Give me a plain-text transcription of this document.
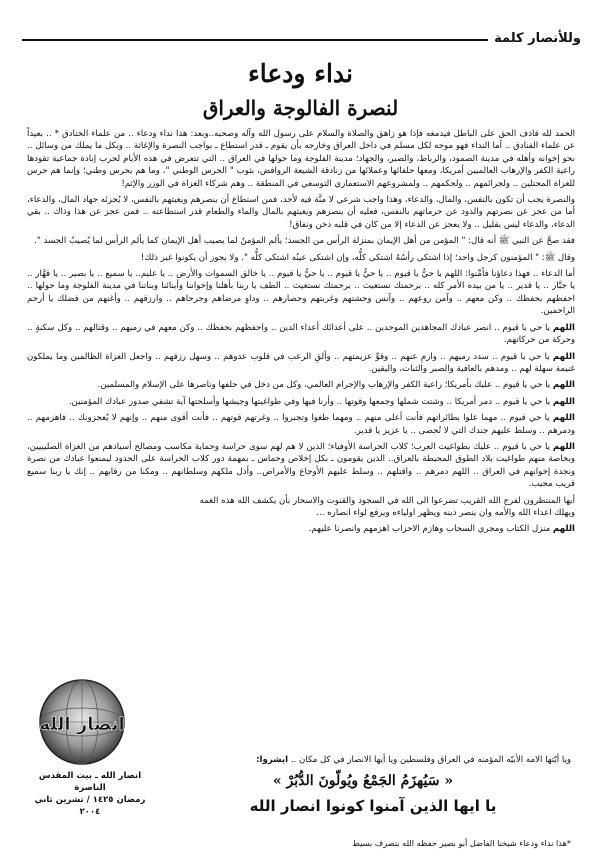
وللأنصار كلمة
نداء ودعاء
لنصرة الفالوجة والعراق

الحمد لله قاذف الحق على الباطل فيدمغه فإذا هو زاهق والصلاة والسلام على رسول الله وآله وصحبه..وبعد: هذا نداء ودعاء .. من علماء الخنادق * .. بعيداً عن علماء الفنادق .. أما النداء فهو موجه لكل مسلم في داخل العراق وخارجه بأن يقوم ـ قدر استطاع ـ بواجب النصرة والإغاثة .. وبكل ما يملك من وسائل .. نحو إخوانه وأهله في مدينة الصمود، والرباط، والصبر، والجهاد؛ مدينة الفلوجة وما حولها في العراق .. التي تتعرض في هذه الأيام لحرب إبادة جماعية تقودها راعية الكفر والإرهاب العالميين أمريكا، ومعها حلفائها وعملائها من زنادقة الشيعة الروافض، بثوب " الحرس الوطني "، وما هم بحرس وطني؛ وإنما هم حرس للغزاة المحتلين .. ولجرائمهم .. ولحكمهم .. ولمشروعهم الاستعماري التوسعي في المنطقة .. وهم شركاء الغزاة في الوزر والإثم!

والنصرة يجب أن تكون بالنفس، والمال، والدعاء، وهذا واجب شرعي لا منَّة فيه لأحد، فمن استطاع أن ينصرهم ويغيثهم بالنفس، لا يُجزئه جهاد المال، والدعاء، أما من عجز عن نصرتهم والذود عن حرماتهم بالنفس، فعليه أن ينصرهم ويغيثهم بالمال والماء والطعام قدر استطاعته .. فمن عجز عن هذا وذاك .. بقي الدعاء، والدعاء ليس بقليل .. ولا يعجز عن الدعاء إلا من كان في قلبه دخن ونفاق!

فقد صحَّ عن النبي ﷺ أنه قال: " المؤمن من أهل الإيمان بمنزلة الرأس من الجسد؛ يألم المؤمنُ لما يصيب أهل الإيمان كما يألم الرأس لما يُصيبُ الجسد ".

وقال ﷺ: " المؤمنون كرجل واحد؛ إذا اشتكى رأسُهُ اشتكى كلُّه، وإن اشتكى عينُه اشتكى كلُّه ". ولا يجوز أن يكونوا غير ذلك!

أما الدعاء .. فهذا دعاؤنا فأمِّنوا: اللهم يا حيُّ يا قيوم .. يا حيُّ يا قيوم .. يا حيُّ يا قيوم .. يا خالق السموات والأرض .. يا عليم.. يا سميع .. يا بصير .. يا قهَّار .. يا جبَّار .. يا قدير .. يا من بيده الأمر كله .. برحمتك نستغيث .. برحمتك نستغيث .. الطف يا ربنا بأهلنا وإخواننا وأبنائنا وبناتنا في مدينة الفلوجة وما حولها .. احفظهم بحفظك .. وكن معهم .. وآمن روعهم .. وآنس وحشتهم وغربتهم وحصارهم .. وداوِ مرضاهم وجرحاهم .. وارزقهم .. وأغنهم من فضلك يا أرحم الراحمين.

اللهم يا حي يا قيوم .. انصر عبادك المجاهدين الموحدين .. على أعدائك أعداء الدين .. واحفظهم بحفظك .. وكن معهم في رميهم .. وقتالهم .. وكل سكنةٍ .. وحركة من حركاتهم.

اللهم يا حي يا قيوم .. سدد رميهم .. وارمِ عنهم .. وقوِّ عزيمتهم .. وألقِ الرعب في قلوب عدوهم .. وسهل رزقهم .. واجعل الغزاة الظالمين وما يملكون غنيمة سهلة لهم .. ومدهم بالعافية والصبر والثبات، واليقين.

اللهم يا حي يا قيوم .. عليك بأمريكا؛ راعية الكفر والإرهاب والإجرام العالمي، وكل من دخل في حلفها وناصرها على الإسلام والمسلمين.

اللهم يا حي يا قيوم .. دمر أمريكا .. وشتت شملها وجمعها وقوتها .. وأرنا فيها وفي طواغيتها وجيشها وأسلحتها آية تشفي صدور عبادك المؤمنين.

اللهم يا حي قيوم .. مهما علوا بطائراتهم فأنت أعلى منهم .. ومهما طغوا وتجبروا .. وغرتهم قوتهم .. فأنت أقوى منهم .. وإنهم لا يُعجزونك .. فاهزمهم .. ودمرهم .. وسلط عليهم جندك التي لا تُحصى .. يا عزيز يا قدير.

اللهم يا حي يا قيوم .. عليك بطواغيت العرب؛ كلاب الحراسة الأوفياء؛ الذين لا هم لهم سوى حراسة وحماية مكاسب ومصالح أسيادهم من الغزاة الصليبيين، وبخاصة منهم طواغيت بلاد الطوق المحيطة بالعراق.. الذين يقومون ـ بكل إخلاص وحماس ـ بمهمة دور كلاب الحراسة على الحدود ليمنعوا عبادك من نصرة ونجدة إخوانهم في العراق .. اللهم دمرهم .. واقتلهم .. وسلط عليهم الأوجاع والأمراض.. وأذل ملكهم وسلطانهم .. ومكنا من رقابهم .. إنك يا ربنا سميع قريب مجيب.

أيها المنتظرون لفرج الله القريب تضرعوا الى الله في السجود والقنوت والاسحار بأن يكشف الله هذه الغمه

ويهلك اعداء الله والأمه وان ينصر دينه ويظهر اولياءه ويرفع لواء انصاره ...

اللهم منزل الكتاب ومجري السحاب وهازم الاحزاب اهزمهم وانصرنا عليهم.

ويا أيّتها الامه الأبيّه المؤمنه في العراق وفلسطين ويا أيها الانصار في كل مكان .. ابشروا:
« سَيُهزَمُ الجَمْعُ ويُولّونَ الدُّبُرْ »
يا ايها الذين آمنوا كونوا انصار الله
*هذا نداء ودعاء شيخنا الفاضل أبو بصير حفظه الله بتصرف بسيط
انصار الله
انصار الله ـ بيت المقدس
الناصرة
رمضان ١٤٢٥ / تشرين ثاني ٢٠٠٤
